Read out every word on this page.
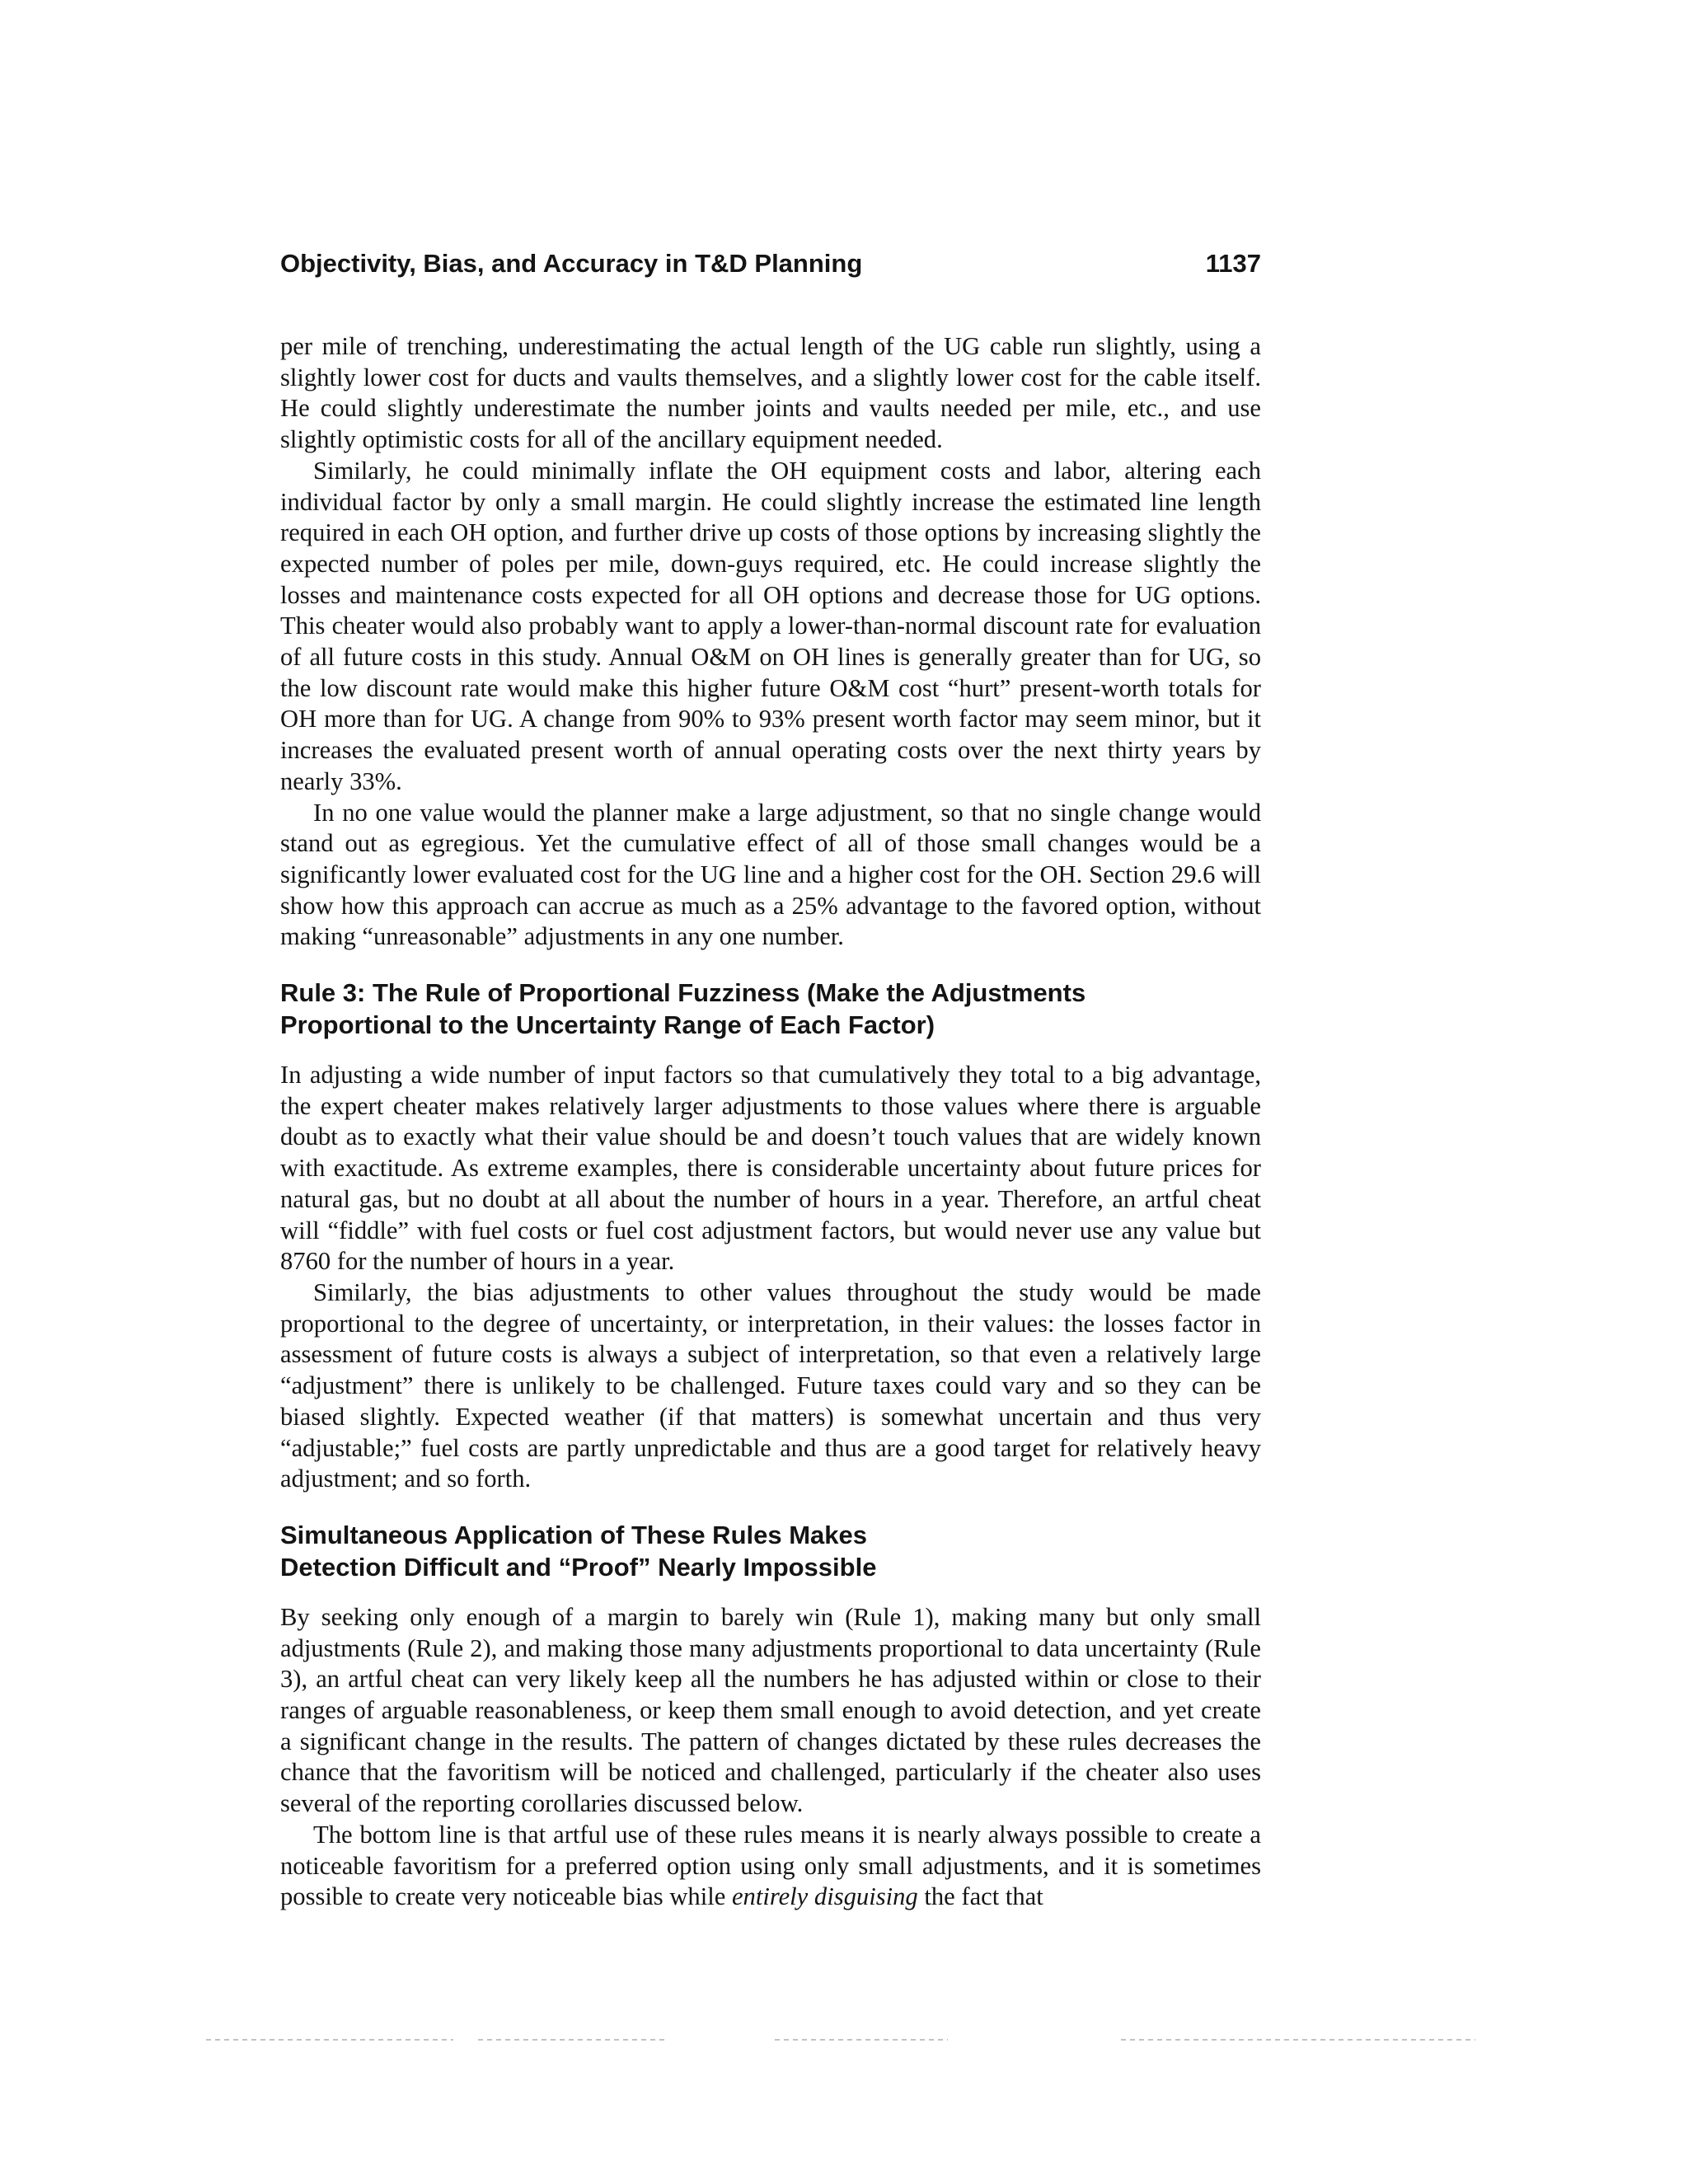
Objectivity, Bias, and Accuracy in T&D Planning	1137

per mile of trenching, underestimating the actual length of the UG cable run slightly, using a slightly lower cost for ducts and vaults themselves, and a slightly lower cost for the cable itself. He could slightly underestimate the number joints and vaults needed per mile, etc., and use slightly optimistic costs for all of the ancillary equipment needed.

Similarly, he could minimally inflate the OH equipment costs and labor, altering each individual factor by only a small margin. He could slightly increase the estimated line length required in each OH option, and further drive up costs of those options by increasing slightly the expected number of poles per mile, down-guys required, etc. He could increase slightly the losses and maintenance costs expected for all OH options and decrease those for UG options. This cheater would also probably want to apply a lower-than-normal discount rate for evaluation of all future costs in this study. Annual O&M on OH lines is generally greater than for UG, so the low discount rate would make this higher future O&M cost “hurt” present-worth totals for OH more than for UG. A change from 90% to 93% present worth factor may seem minor, but it increases the evaluated present worth of annual operating costs over the next thirty years by nearly 33%.

In no one value would the planner make a large adjustment, so that no single change would stand out as egregious. Yet the cumulative effect of all of those small changes would be a significantly lower evaluated cost for the UG line and a higher cost for the OH. Section 29.6 will show how this approach can accrue as much as a 25% advantage to the favored option, without making “unreasonable” adjustments in any one number.

Rule 3: The Rule of Proportional Fuzziness (Make the Adjustments
Proportional to the Uncertainty Range of Each Factor)

In adjusting a wide number of input factors so that cumulatively they total to a big advantage, the expert cheater makes relatively larger adjustments to those values where there is arguable doubt as to exactly what their value should be and doesn’t touch values that are widely known with exactitude. As extreme examples, there is considerable uncertainty about future prices for natural gas, but no doubt at all about the number of hours in a year. Therefore, an artful cheat will “fiddle” with fuel costs or fuel cost adjustment factors, but would never use any value but 8760 for the number of hours in a year.

Similarly, the bias adjustments to other values throughout the study would be made proportional to the degree of uncertainty, or interpretation, in their values: the losses factor in assessment of future costs is always a subject of interpretation, so that even a relatively large “adjustment” there is unlikely to be challenged. Future taxes could vary and so they can be biased slightly. Expected weather (if that matters) is somewhat uncertain and thus very “adjustable;” fuel costs are partly unpredictable and thus are a good target for relatively heavy adjustment; and so forth.

Simultaneous Application of These Rules Makes
Detection Difficult and “Proof” Nearly Impossible

By seeking only enough of a margin to barely win (Rule 1), making many but only small adjustments (Rule 2), and making those many adjustments proportional to data uncertainty (Rule 3), an artful cheat can very likely keep all the numbers he has adjusted within or close to their ranges of arguable reasonableness, or keep them small enough to avoid detection, and yet create a significant change in the results. The pattern of changes dictated by these rules decreases the chance that the favoritism will be noticed and challenged, particularly if the cheater also uses several of the reporting corollaries discussed below.

The bottom line is that artful use of these rules means it is nearly always possible to create a noticeable favoritism for a preferred option using only small adjustments, and it is sometimes possible to create very noticeable bias while entirely disguising the fact that
